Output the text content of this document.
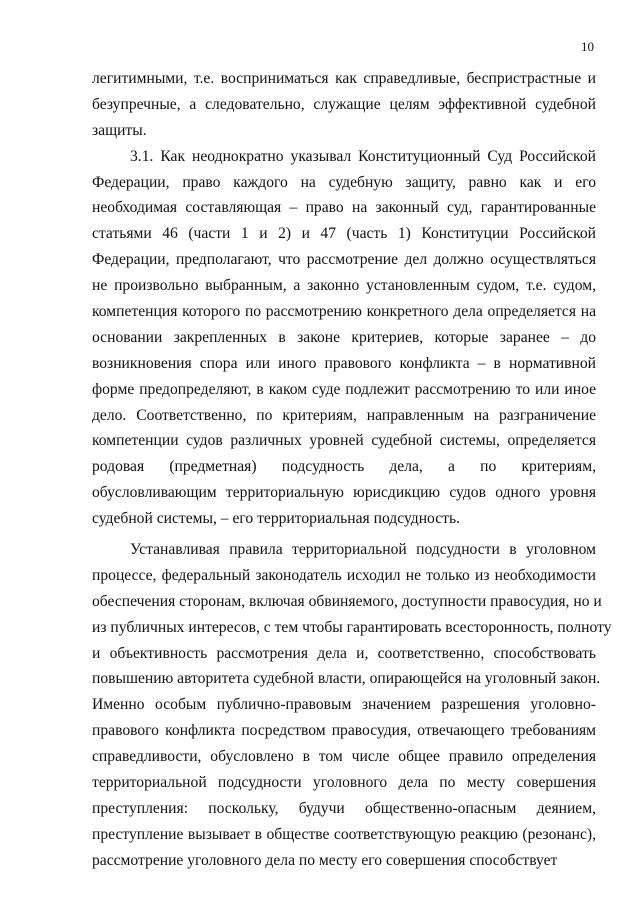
10
легитимными, т.е. восприниматься как справедливые, беспристрастные и
безупречные, а следовательно, служащие целям эффективной судебной
защиты.
3.1. Как неоднократно указывал Конституционный Суд Российской
Федерации, право каждого на судебную защиту, равно как и его
необходимая составляющая – право на законный суд, гарантированные
статьями 46 (части 1 и 2) и 47 (часть 1) Конституции Российской
Федерации, предполагают, что рассмотрение дел должно осуществляться
не произвольно выбранным, а законно установленным судом, т.е. судом,
компетенция которого по рассмотрению конкретного дела определяется на
основании закрепленных в законе критериев, которые заранее – до
возникновения спора или иного правового конфликта – в нормативной
форме предопределяют, в каком суде подлежит рассмотрению то или иное
дело. Соответственно, по критериям, направленным на разграничение
компетенции судов различных уровней судебной системы, определяется
родовая (предметная) подсудность дела, а по критериям,
обусловливающим территориальную юрисдикцию судов одного уровня
судебной системы, – его территориальная подсудность.
Устанавливая правила территориальной подсудности в уголовном
процессе, федеральный законодатель исходил не только из необходимости
обеспечения сторонам, включая обвиняемого, доступности правосудия, но и
из публичных интересов, с тем чтобы гарантировать всесторонность, полноту
и объективность рассмотрения дела и, соответственно, способствовать
повышению авторитета судебной власти, опирающейся на уголовный закон.
Именно особым публично-правовым значением разрешения уголовно-
правового конфликта посредством правосудия, отвечающего требованиям
справедливости, обусловлено в том числе общее правило определения
территориальной подсудности уголовного дела по месту совершения
преступления: поскольку, будучи общественно-опасным деянием,
преступление вызывает в обществе соответствующую реакцию (резонанс),
рассмотрение уголовного дела по месту его совершения способствует
